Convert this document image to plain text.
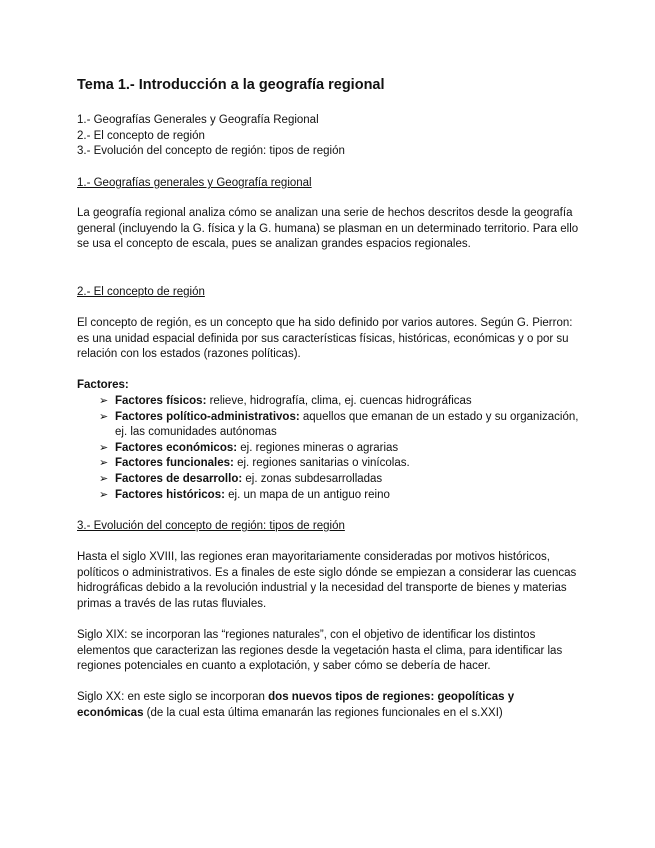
Tema 1.- Introducción a la geografía regional
1.- Geografías Generales y Geografía Regional
2.- El concepto de región
3.- Evolución del concepto de región: tipos de región
1.- Geografías generales y Geografía regional

La geografía regional analiza cómo se analizan una serie de hechos descritos desde la geografía general (incluyendo la G. física y la G. humana) se plasman en un determinado territorio. Para ello se usa el concepto de escala, pues se analizan grandes espacios regionales.

2.- El concepto de región

El concepto de región, es un concepto que ha sido definido por varios autores. Según G. Pierron: es una unidad espacial definida por sus características físicas, históricas, económicas y o por su relación con los estados (razones políticas).

Factores:
➢ Factores físicos: relieve, hidrografía, clima, ej. cuencas hidrográficas
➢ Factores político-administrativos: aquellos que emanan de un estado y su organización, ej. las comunidades autónomas
➢ Factores económicos: ej. regiones mineras o agrarias
➢ Factores funcionales: ej. regiones sanitarias o vinícolas.
➢ Factores de desarrollo: ej. zonas subdesarrolladas
➢ Factores históricos: ej. un mapa de un antiguo reino
3.- Evolución del concepto de región: tipos de región

Hasta el siglo XVIII, las regiones eran mayoritariamente consideradas por motivos históricos, políticos o administrativos. Es a finales de este siglo dónde se empiezan a considerar las cuencas hidrográficas debido a la revolución industrial y la necesidad del transporte de bienes y materias primas a través de las rutas fluviales.

Siglo XIX: se incorporan las “regiones naturales”, con el objetivo de identificar los distintos elementos que caracterizan las regiones desde la vegetación hasta el clima, para identificar las regiones potenciales en cuanto a explotación, y saber cómo se debería de hacer.

Siglo XX: en este siglo se incorporan dos nuevos tipos de regiones: geopolíticas y económicas (de la cual esta última emanarán las regiones funcionales en el s.XXI)
